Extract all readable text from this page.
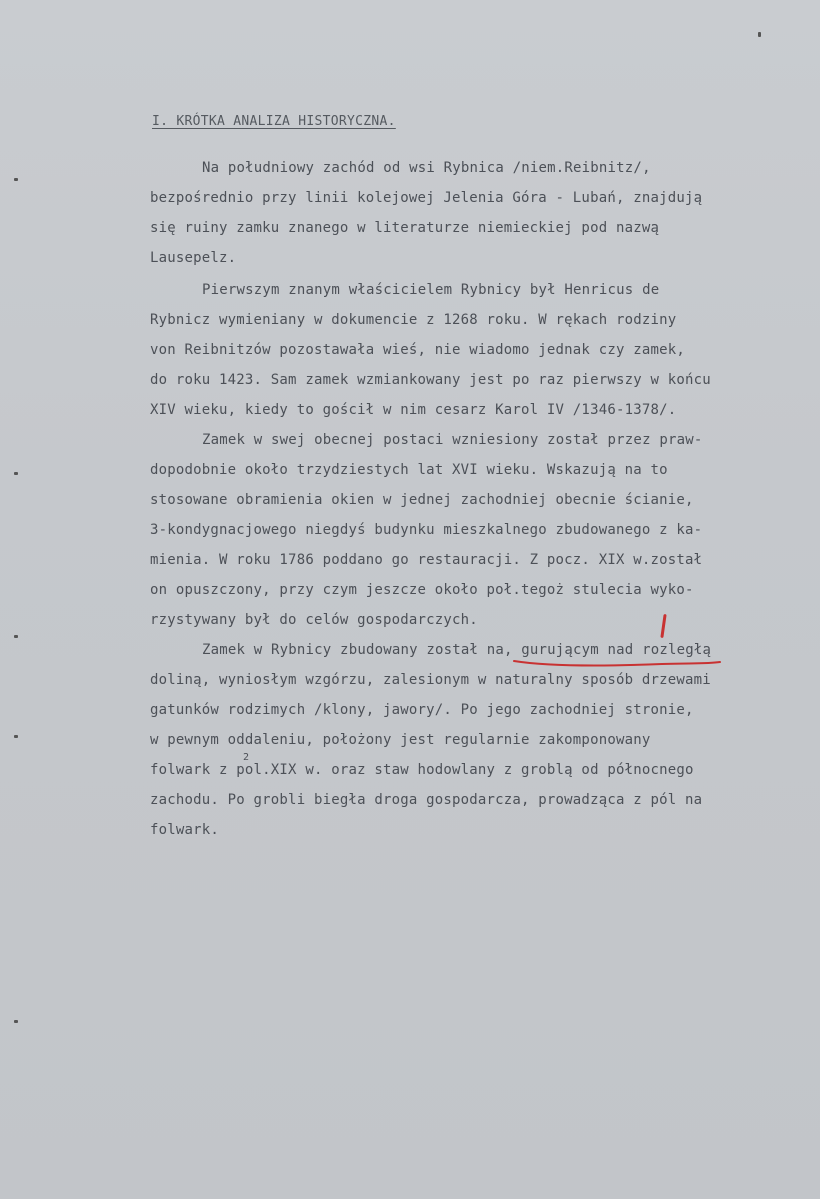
I. KRÓTKA ANALIZA HISTORYCZNA.
Na południowy zachód od wsi Rybnica /niem.Reibnitz/,
bezpośrednio przy linii kolejowej Jelenia Góra - Lubań, znajdują
się ruiny zamku znanego w literaturze niemieckiej pod nazwą
Lausepelz.
Pierwszym znanym właścicielem Rybnicy był Henricus de
Rybnicz wymieniany w dokumencie z 1268 roku. W rękach rodziny
von Reibnitzów pozostawała wieś, nie wiadomo jednak czy zamek,
do roku 1423. Sam zamek wzmiankowany jest po raz pierwszy w końcu
XIV wieku, kiedy to gościł w nim cesarz Karol IV /1346-1378/.
Zamek w swej obecnej postaci wzniesiony został przez praw-
dopodobnie około trzydziestych lat XVI wieku. Wskazują na to
stosowane obramienia okien w jednej zachodniej obecnie ścianie,
3-kondygnacjowego niegdyś budynku mieszkalnego zbudowanego z ka-
mienia. W roku 1786 poddano go restauracji. Z pocz. XIX w.został
on opuszczony, przy czym jeszcze około poł.tegoż stulecia wyko-
rzystywany był do celów gospodarczych.
Zamek w Rybnicy zbudowany został na, gurującym nad rozległą
doliną, wyniosłym wzgórzu, zalesionym w naturalny sposób drzewami
gatunków rodzimych /klony, jawory/. Po jego zachodniej stronie,
w pewnym oddaleniu, położony jest regularnie zakomponowany
folwark z pol.XIX w. oraz staw hodowlany z groblą od północnego
2
zachodu. Po grobli biegła droga gospodarcza, prowadząca z pól na
folwark.
